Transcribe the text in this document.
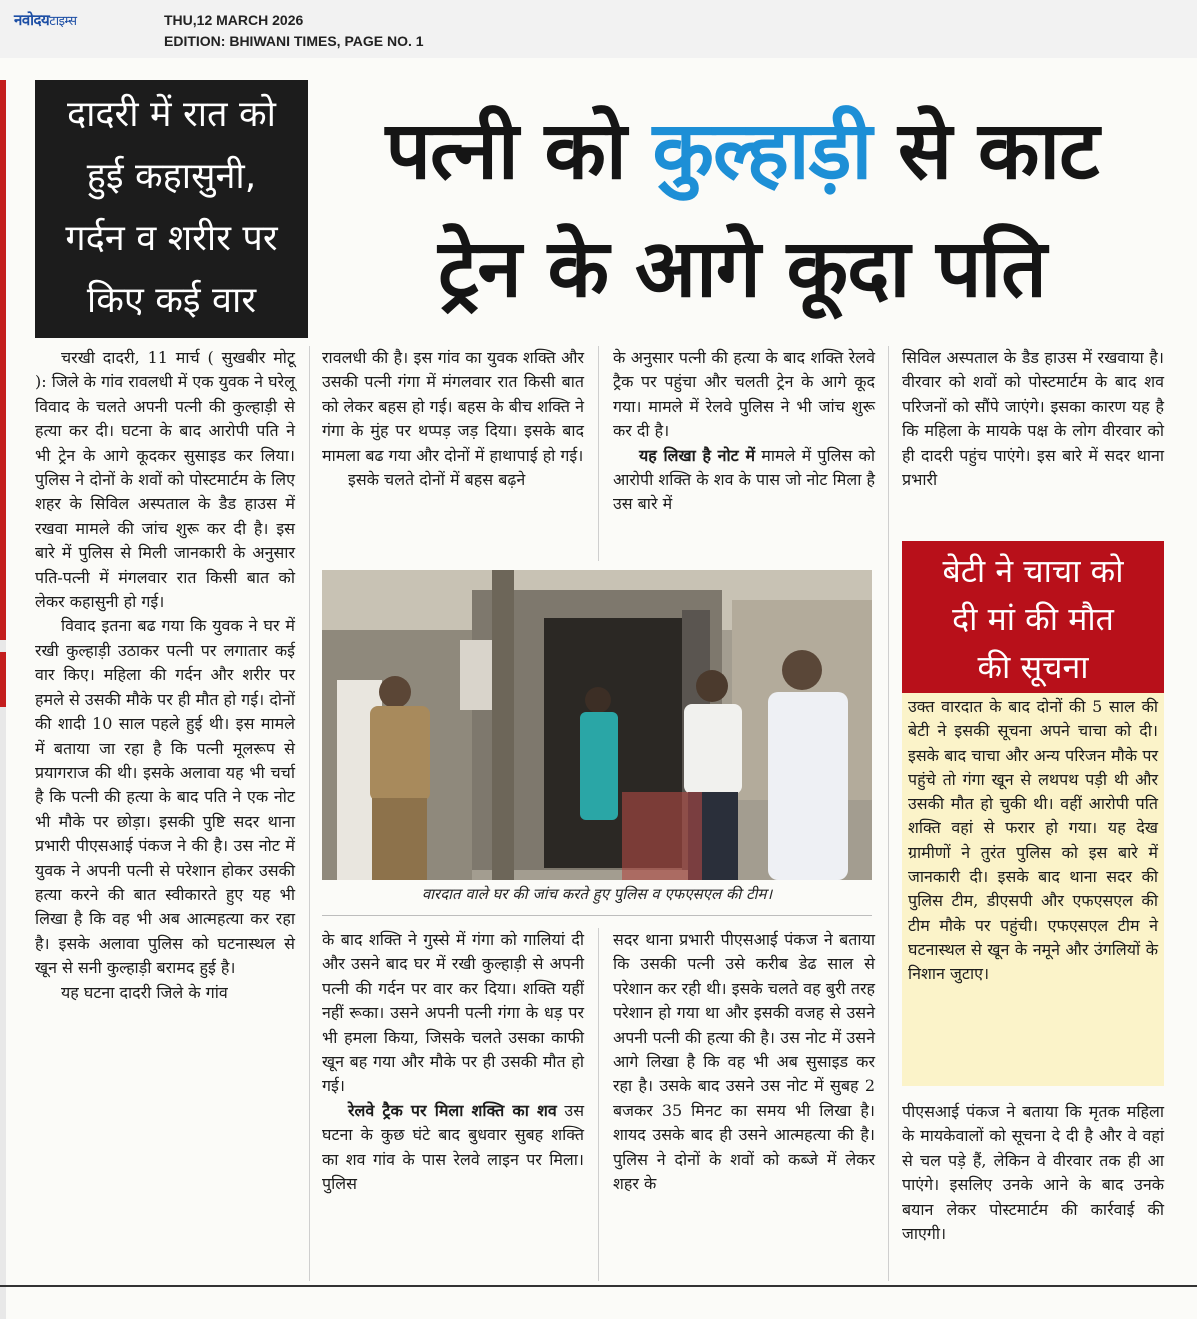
नवोदयटाइम्स	THU,12 MARCH 2026
EDITION: BHIWANI TIMES, PAGE NO. 1
दादरी में रात को
हुई कहासुनी,
गर्दन व शरीर पर
किए कई वार
पत्नी को कुल्हाड़ी से काट
ट्रेन के आगे कूदा पति

चरखी दादरी, 11 मार्च ( सुखबीर मोटू ): जिले के गांव रावलधी में एक युवक ने घरेलू विवाद के चलते अपनी पत्नी की कुल्हाड़ी से हत्या कर दी। घटना के बाद आरोपी पति ने भी ट्रेन के आगे कूदकर सुसाइड कर लिया। पुलिस ने दोनों के शवों को पोस्टमार्टम के लिए शहर के सिविल अस्पताल के डैड हाउस में रखवा मामले की जांच शुरू कर दी है। इस बारे में पुलिस से मिली जानकारी के अनुसार पति-पत्नी में मंगलवार रात किसी बात को लेकर कहासुनी हो गई।

विवाद इतना बढ गया कि युवक ने घर में रखी कुल्हाड़ी उठाकर पत्नी पर लगातार कई वार किए। महिला की गर्दन और शरीर पर हमले से उसकी मौके पर ही मौत हो गई। दोनों की शादी 10 साल पहले हुई थी। इस मामले में बताया जा रहा है कि पत्नी मूलरूप से प्रयागराज की थी। इसके अलावा यह भी चर्चा है कि पत्नी की हत्या के बाद पति ने एक नोट भी मौके पर छोड़ा। इसकी पुष्टि सदर थाना प्रभारी पीएसआई पंकज ने की है। उस नोट में युवक ने अपनी पत्नी से परेशान होकर उसकी हत्या करने की बात स्वीकारते हुए यह भी लिखा है कि वह भी अब आत्महत्या कर रहा है। इसके अलावा पुलिस को घटनास्थल से खून से सनी कुल्हाड़ी बरामद हुई है।

यह घटना दादरी जिले के गांव

रावलधी की है। इस गांव का युवक शक्ति और उसकी पत्नी गंगा में मंगलवार रात किसी बात को लेकर बहस हो गई। बहस के बीच शक्ति ने गंगा के मुंह पर थप्पड़ जड़ दिया। इसके बाद मामला बढ गया और दोनों में हाथापाई हो गई।

इसके चलते दोनों में बहस बढ़ने

के अनुसार पत्नी की हत्या के बाद शक्ति रेलवे ट्रैक पर पहुंचा और चलती ट्रेन के आगे कूद गया। मामले में रेलवे पुलिस ने भी जांच शुरू कर दी है।

यह लिखा है नोट में मामले में पुलिस को आरोपी शक्ति के शव के पास जो नोट मिला है उस बारे में

वारदात वाले घर की जांच करते हुए पुलिस व एफएसएल की टीम।

के बाद शक्ति ने गुस्से में गंगा को गालियां दी और उसने बाद घर में रखी कुल्हाड़ी से अपनी पत्नी की गर्दन पर वार कर दिया। शक्ति यहीं नहीं रूका। उसने अपनी पत्नी गंगा के धड़ पर भी हमला किया, जिसके चलते उसका काफी खून बह गया और मौके पर ही उसकी मौत हो गई।

रेलवे ट्रैक पर मिला शक्ति का शव उस घटना के कुछ घंटे बाद बुधवार सुबह शक्ति का शव गांव के पास रेलवे लाइन पर मिला। पुलिस

सदर थाना प्रभारी पीएसआई पंकज ने बताया कि उसकी पत्नी उसे करीब डेढ साल से परेशान कर रही थी। इसके चलते वह बुरी तरह परेशान हो गया था और इसकी वजह से उसने अपनी पत्नी की हत्या की है। उस नोट में उसने आगे लिखा है कि वह भी अब सुसाइड कर रहा है। उसके बाद उसने उस नोट में सुबह 2 बजकर 35 मिनट का समय भी लिखा है। शायद उसके बाद ही उसने आत्महत्या की है। पुलिस ने दोनों के शवों को कब्जे में लेकर शहर के

सिविल अस्पताल के डैड हाउस में रखवाया है। वीरवार को शवों को पोस्टमार्टम के बाद शव परिजनों को सौंपे जाएंगे। इसका कारण यह है कि महिला के मायके पक्ष के लोग वीरवार को ही दादरी पहुंच पाएंगे। इस बारे में सदर थाना प्रभारी

बेटी ने चाचा को
दी मां की मौत
की सूचना

उक्त वारदात के बाद दोनों की 5 साल की बेटी ने इसकी सूचना अपने चाचा को दी। इसके बाद चाचा और अन्य परिजन मौके पर पहुंचे तो गंगा खून से लथपथ पड़ी थी और उसकी मौत हो चुकी थी। वहीं आरोपी पति शक्ति वहां से फरार हो गया। यह देख ग्रामीणों ने तुरंत पुलिस को इस बारे में जानकारी दी। इसके बाद थाना सदर की पुलिस टीम, डीएसपी और एफएसएल की टीम मौके पर पहुंची। एफएसएल टीम ने घटनास्थल से खून के नमूने और उंगलियों के निशान जुटाए।

पीएसआई पंकज ने बताया कि मृतक महिला के मायकेवालों को सूचना दे दी है और वे वहां से चल पड़े हैं, लेकिन वे वीरवार तक ही आ पाएंगे। इसलिए उनके आने के बाद उनके बयान लेकर पोस्टमार्टम की कार्रवाई की जाएगी।
